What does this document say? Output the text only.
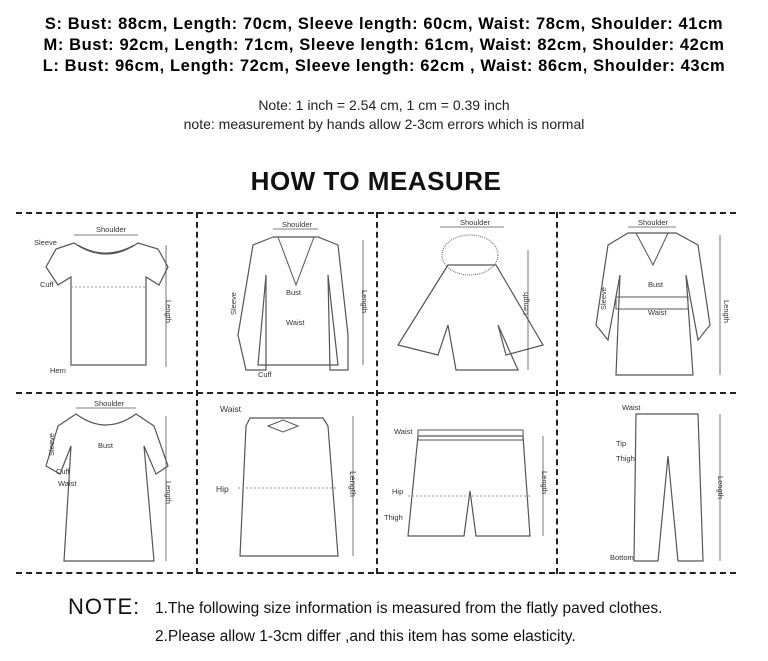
S: Bust: 88cm, Length: 70cm, Sleeve length: 60cm, Waist: 78cm, Shoulder: 41cm
M: Bust: 92cm, Length: 71cm, Sleeve length: 61cm, Waist: 82cm, Shoulder: 42cm
L: Bust: 96cm, Length: 72cm, Sleeve length: 62cm , Waist: 86cm, Shoulder: 43cm
Note: 1 inch = 2.54 cm, 1 cm = 0.39 inch
note: measurement by hands allow 2-3cm errors which is normal
HOW TO MEASURE
Shoulder
Sleeve
Cuff
Length
Hem
Shoulder
Sleeve	Bust
Waist
Length
Cuff
Shoulder
Length
Shoulder
Sleeve
Bust
Waist	Length
Shoulder
Sleeve	Bust
Cuff
Waist	Length
Waist
Hip	Length
Waist
Hip
Thigh
Length
Waist
Tip
Thigh
Length
Bottom
NOTE: 1.The following size information is measured from the flatly paved clothes.
2.Please allow 1-3cm differ ,and this item has some elasticity.
